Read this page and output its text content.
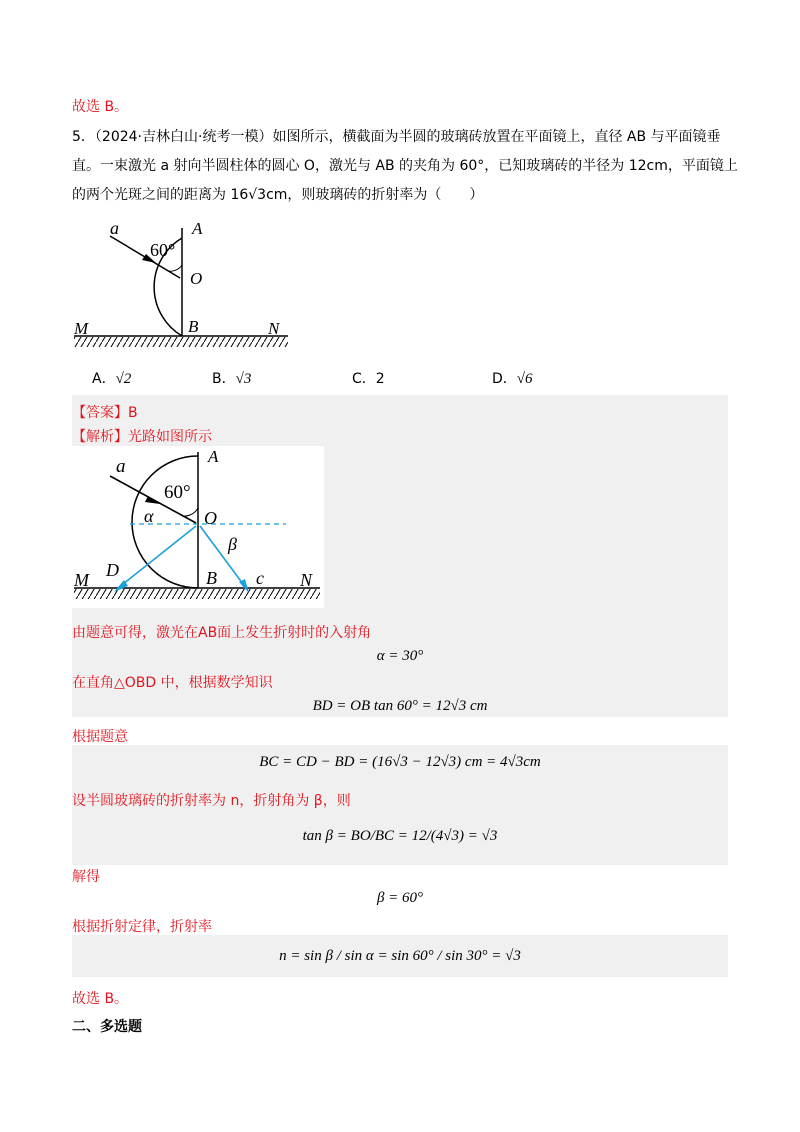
故选 B。
5．（2024·吉林白山·统考一模）如图所示，横截面为半圆的玻璃砖放置在平面镜上，直径 AB 与平面镜垂
直。一束激光 a 射向半圆柱体的圆心 O，激光与 AB 的夹角为 60°，已知玻璃砖的半径为 12cm，平面镜上
的两个光斑之间的距离为 16√3cm，则玻璃砖的折射率为（　　）
60°
a	A
O
M	B	N
A．√2	B．√3	C．2	D．√6
【答案】B
【解析】光路如图所示
60°
a	A
α	O
β
M D	B c N
由题意可得，激光在AB面上发生折射时的入射角
α = 30°
在直角△OBD 中，根据数学知识
BD = OB tan 60° = 12√3 cm
根据题意
BC = CD − BD = (16√3 − 12√3) cm = 4√3cm
设半圆玻璃砖的折射率为 n，折射角为 β，则
tan β = BO/BC = 12/(4√3) = √3
解得
β = 60°
根据折射定律，折射率
n = sin β / sin α = sin 60° / sin 30° = √3
故选 B。
二、多选题
